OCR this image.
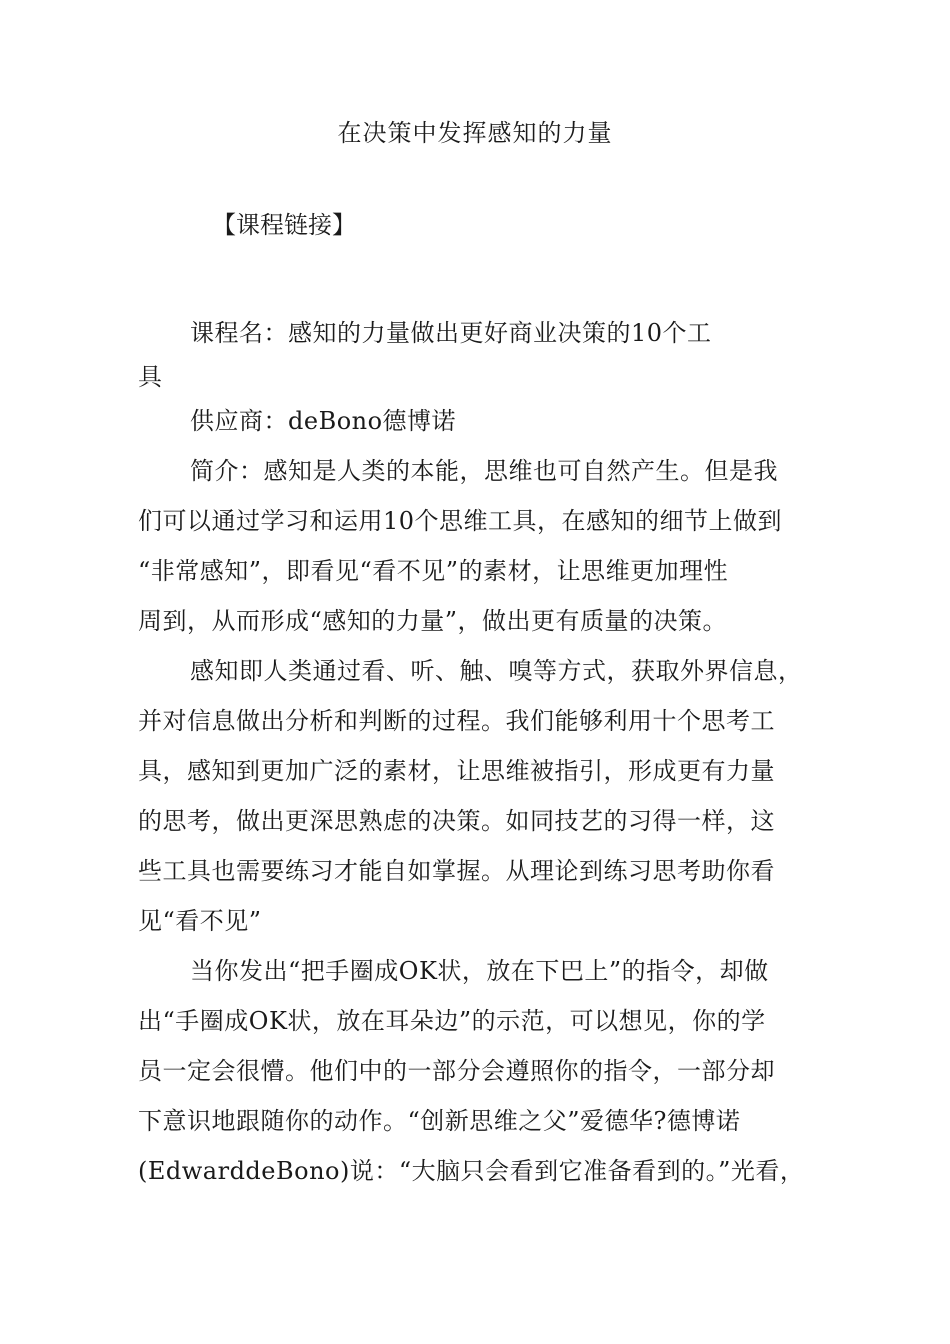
在决策中发挥感知的力量
【课程链接】
课程名：感知的力量做出更好商业决策的10个工
具
供应商：deBono德博诺
简介：感知是人类的本能，思维也可自然产生。但是我
们可以通过学习和运用10个思维工具，在感知的细节上做到
“非常感知”，即看见“看不见”的素材，让思维更加理性
周到，从而形成“感知的力量”，做出更有质量的决策。
感知即人类通过看、听、触、嗅等方式，获取外界信息，
并对信息做出分析和判断的过程。我们能够利用十个思考工
具，感知到更加广泛的素材，让思维被指引，形成更有力量
的思考，做出更深思熟虑的决策。如同技艺的习得一样，这
些工具也需要练习才能自如掌握。从理论到练习思考助你看
见“看不见”
当你发出“把手圈成OK状，放在下巴上”的指令，却做
出“手圈成OK状，放在耳朵边”的示范，可以想见，你的学
员一定会很懵。他们中的一部分会遵照你的指令，一部分却
下意识地跟随你的动作。“创新思维之父”爱德华?德博诺
(EdwarddeBono)说：“大脑只会看到它准备看到的。”光看，
